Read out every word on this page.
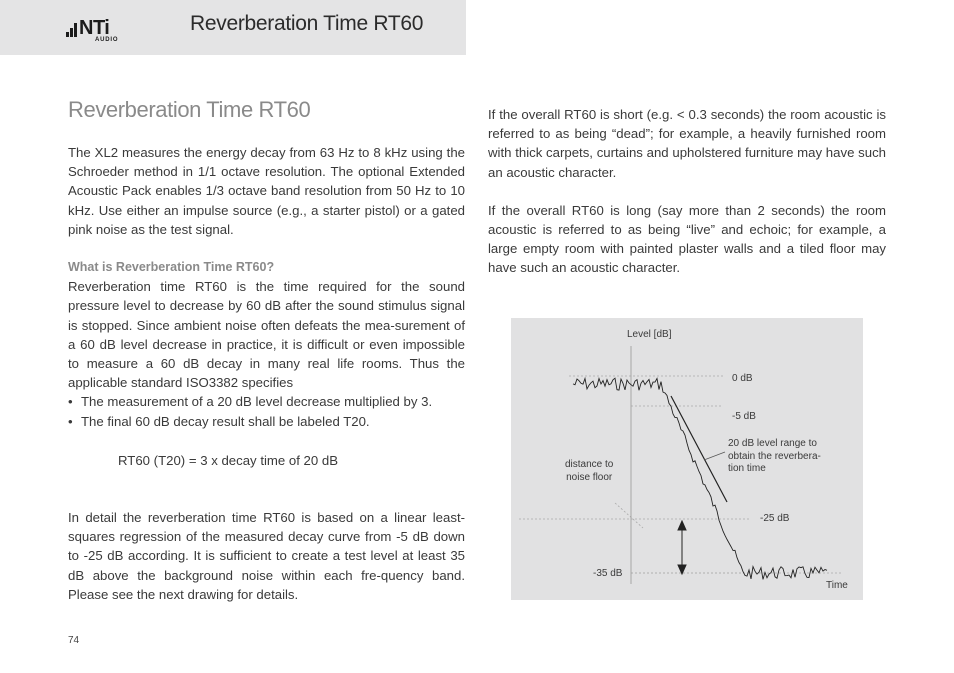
NTi
AUDIO
Reverberation Time RT60
Reverberation Time RT60

The XL2 measures the energy decay from 63 Hz to 8 kHz using the Schroeder method in 1/1 octave resolution. The optional Extended Acoustic Pack enables 1/3 octave band resolution from 50 Hz to 10 kHz. Use either an impulse source (e.g., a starter pistol) or a gated pink noise as the test signal.

What is Reverberation Time RT60?

Reverberation time RT60 is the time required for the sound pressure level to decrease by 60 dB after the sound stimulus signal is stopped. Since ambient noise often defeats the mea-surement of a 60 dB level decrease in practice, it is difficult or even impossible to measure a 60 dB decay in many real life rooms. Thus the applicable standard ISO3382 specifies

• The measurement of a 20 dB level decrease multiplied by 3.
• The final 60 dB decay result shall be labeled T20.
RT60 (T20) = 3 x decay time of 20 dB

In detail the reverberation time RT60 is based on a linear least-squares regression of the measured decay curve from -5 dB down to -25 dB according. It is sufficient to create a test level at least 35 dB above the background noise within each fre-quency band. Please see the next drawing for details.

If the overall RT60 is short (e.g. < 0.3 seconds) the room acoustic is referred to as being “dead”; for example, a heavily furnished room with thick carpets, curtains and upholstered furniture may have such an acoustic character.

If the overall RT60 is long (say more than 2 seconds) the room acoustic is referred to as being “live” and echoic; for example, a large empty room with painted plaster walls and a tiled floor may have such an acoustic character.

Level [dB]
0 dB
-5 dB
20 dB level range to
obtain the reverbera-
tion time
distance to
noise floor
-25 dB
-35 dB
Time
74
